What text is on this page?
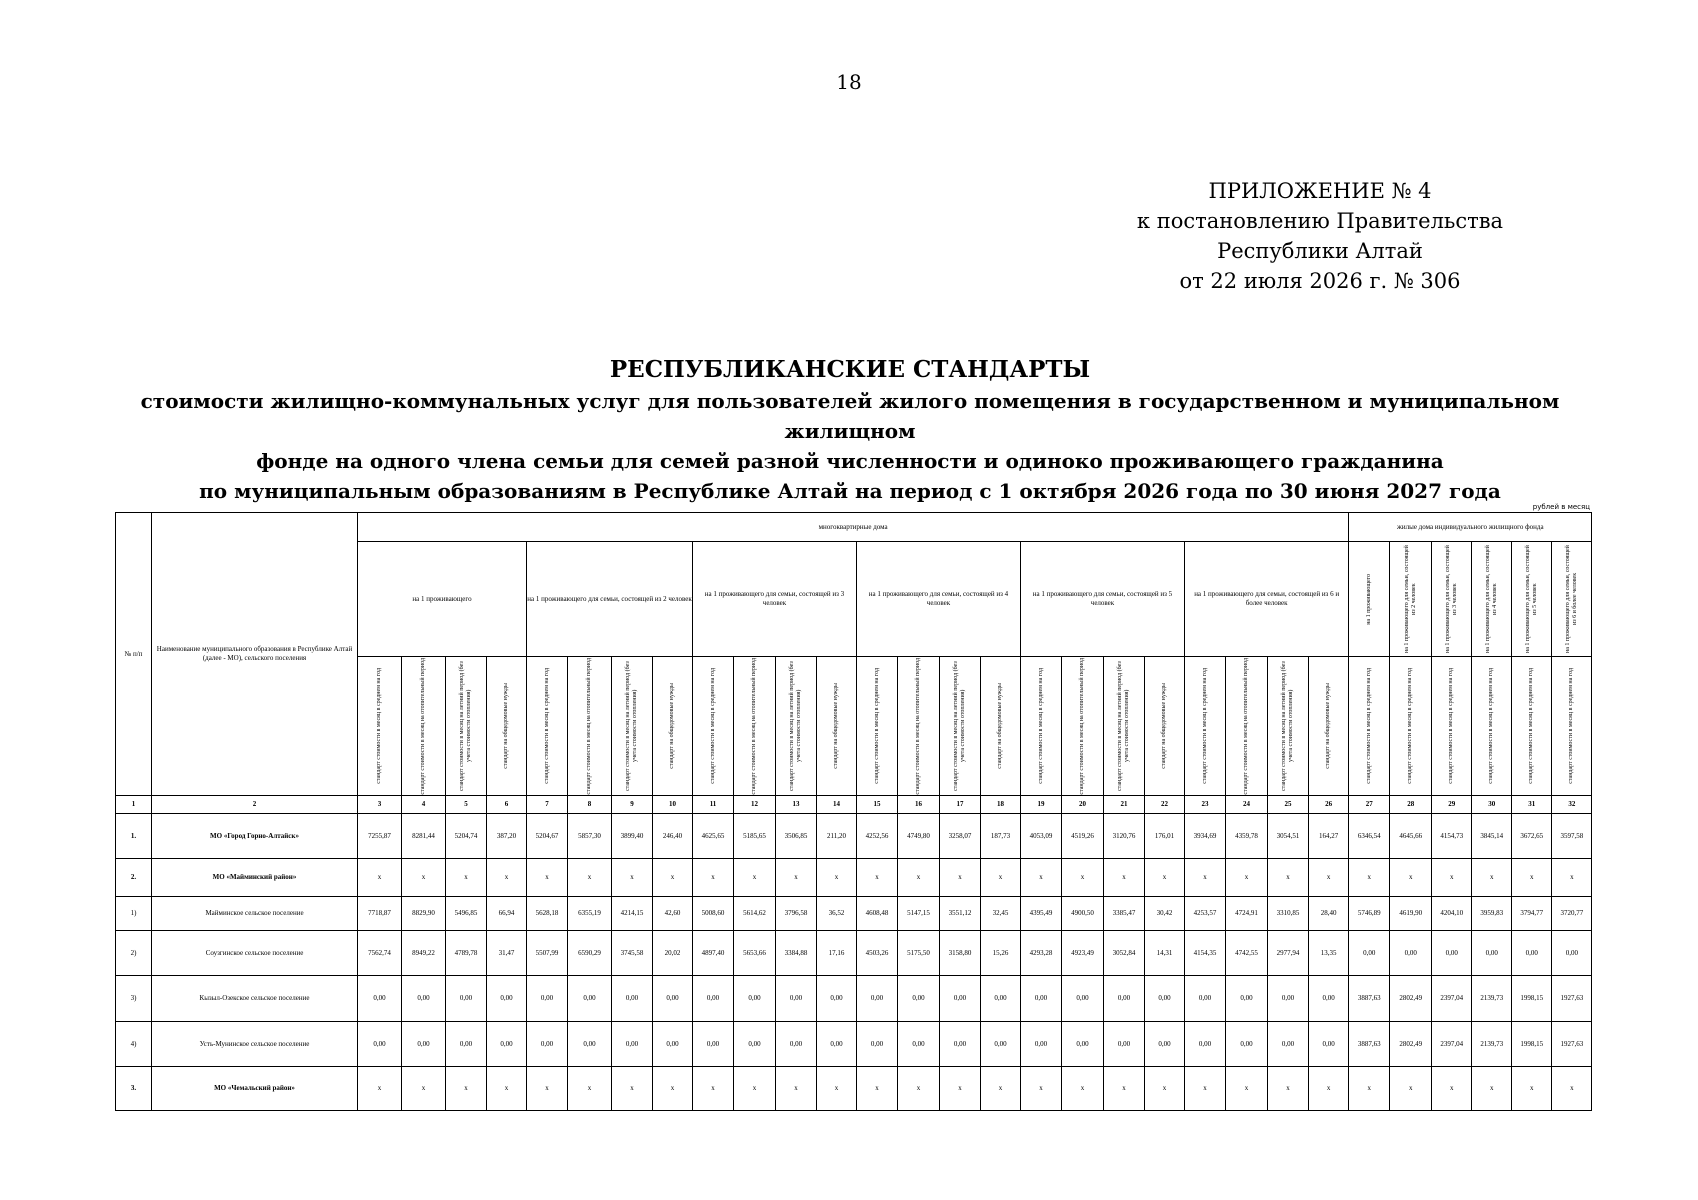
18
ПРИЛОЖЕНИЕ № 4
к постановлению Правительства
Республики Алтай
от 22 июля 2026 г. № 306
РЕСПУБЛИКАНСКИЕ СТАНДАРТЫ
стоимости жилищно-коммунальных услуг для пользователей жилого помещения в государственном и муниципальном жилищном
фонде на одного члена семьи для семей разной численности и одиноко проживающего гражданина
по муниципальным образованиям в Республике Алтай на период с 1 октября 2026 года по 30 июня 2027 года
рублей в месяц
№ п/п	Наименование муниципального образования в Республике Алтай (далее - МО), сельского поселения	многоквартирные дома																								жилые дома индивидуального жилищного фонда					
		на 1 проживающего				на 1 проживающего для семьи, состоящей из 2 человек				на 1 проживающего для семьи, состоящей из 3 человек				на 1 проживающего для семьи, состоящей из 4 человек				на 1 проживающего для семьи, состоящей из 5 человек				на 1 проживающего для семьи, состоящей из 6 и более человек				на 1 проживающего	на 1 проживающего для семьи, состоящей из 2 человек	на 1 проживающего для семьи, состоящей из 3 человек	на 1 проживающего для семьи, состоящей из 4 человек	на 1 проживающего для семьи, состоящей из 5 человек	на 1 проживающего для семьи, состоящей из 6 и более человек

		стандарт стоимости в месяц в среднем на год	стандарт стоимости в месяц на отопительный период	стандарт стоимости в месяц на летний период (без учета стоимости отопления)	стандарт на общедомовые нужды	стандарт стоимости в месяц в среднем на год	стандарт стоимости в месяц на отопительный период	стандарт стоимости в месяц на летний период (без учета стоимости отопления)	стандарт на общедомовые нужды	стандарт стоимости в месяц в среднем на год	стандарт стоимости в месяц на отопительный период	стандарт стоимости в месяц на летний период (без учета стоимости отопления)	стандарт на общедомовые нужды	стандарт стоимости в месяц в среднем на год	стандарт стоимости в месяц на отопительный период	стандарт стоимости в месяц на летний период (без учета стоимости отопления)	стандарт на общедомовые нужды	стандарт стоимости в месяц в среднем на год	стандарт стоимости в месяц на отопительный период	стандарт стоимости в месяц на летний период (без учета стоимости отопления)	стандарт на общедомовые нужды	стандарт стоимости в месяц в среднем на год	стандарт стоимости в месяц на отопительный период	стандарт стоимости в месяц на летний период (без учета стоимости отопления)	стандарт на общедомовые нужды	стандарт стоимости в месяц в среднем на год	стандарт стоимости в месяц в среднем на год	стандарт стоимости в месяц в среднем на год	стандарт стоимости в месяц в среднем на год	стандарт стоимости в месяц в среднем на год	стандарт стоимости в месяц в среднем на год

1	2	3	4	5	6	7	8	9	10	11	12	13	14	15	16	17	18	19	20	21	22	23	24	25	26	27	28	29	30	31	32
1.	МО «Город Горно-Алтайск»	7255,87	8281,44	5204,74	387,20	5204,67	5857,30	3899,40	246,40	4625,65	5185,65	3506,85	211,20	4252,56	4749,80	3258,07	187,73	4053,09	4519,26	3120,76	176,01	3934,69	4359,78	3054,51	164,27	6346,54	4645,66	4154,73	3845,14	3672,65	3597,58

2.	МО «Майминский район»	x	x	x	x	x	x	x	x	x	x	x	x	x	x	x	x	x	x	x	x	x	x	x	x	x	x	x	x	x	x

1)	Майминское сельское поселение	7718,87	8829,90	5496,85	66,94	5628,18	6355,19	4214,15	42,60	5008,60	5614,62	3796,58	36,52	4608,48	5147,15	3551,12	32,45	4395,49	4900,50	3385,47	30,42	4253,57	4724,91	3310,85	28,40	5746,89	4619,90	4204,10	3959,83	3794,77	3720,77

2)	Соузгинское сельское поселение	7562,74	8949,22	4789,78	31,47	5507,99	6590,29	3745,58	20,02	4897,40	5653,66	3384,88	17,16	4503,26	5175,50	3158,80	15,26	4293,28	4923,49	3052,84	14,31	4154,35	4742,55	2977,94	13,35	0,00	0,00	0,00	0,00	0,00	0,00

3)	Кызыл-Озекское сельское поселение	0,00	0,00	0,00	0,00	0,00	0,00	0,00	0,00	0,00	0,00	0,00	0,00	0,00	0,00	0,00	0,00	0,00	0,00	0,00	0,00	0,00	0,00	0,00	0,00	3887,63	2802,49	2397,04	2139,73	1998,15	1927,63

4)	Усть-Мунинское сельское поселение	0,00	0,00	0,00	0,00	0,00	0,00	0,00	0,00	0,00	0,00	0,00	0,00	0,00	0,00	0,00	0,00	0,00	0,00	0,00	0,00	0,00	0,00	0,00	0,00	3887,63	2802,49	2397,04	2139,73	1998,15	1927,63

3.	МО «Чемальский район»	x	x	x	x	x	x	x	x	x	x	x	x	x	x	x	x	x	x	x	x	x	x	x	x	x	x	x	x	x	x
